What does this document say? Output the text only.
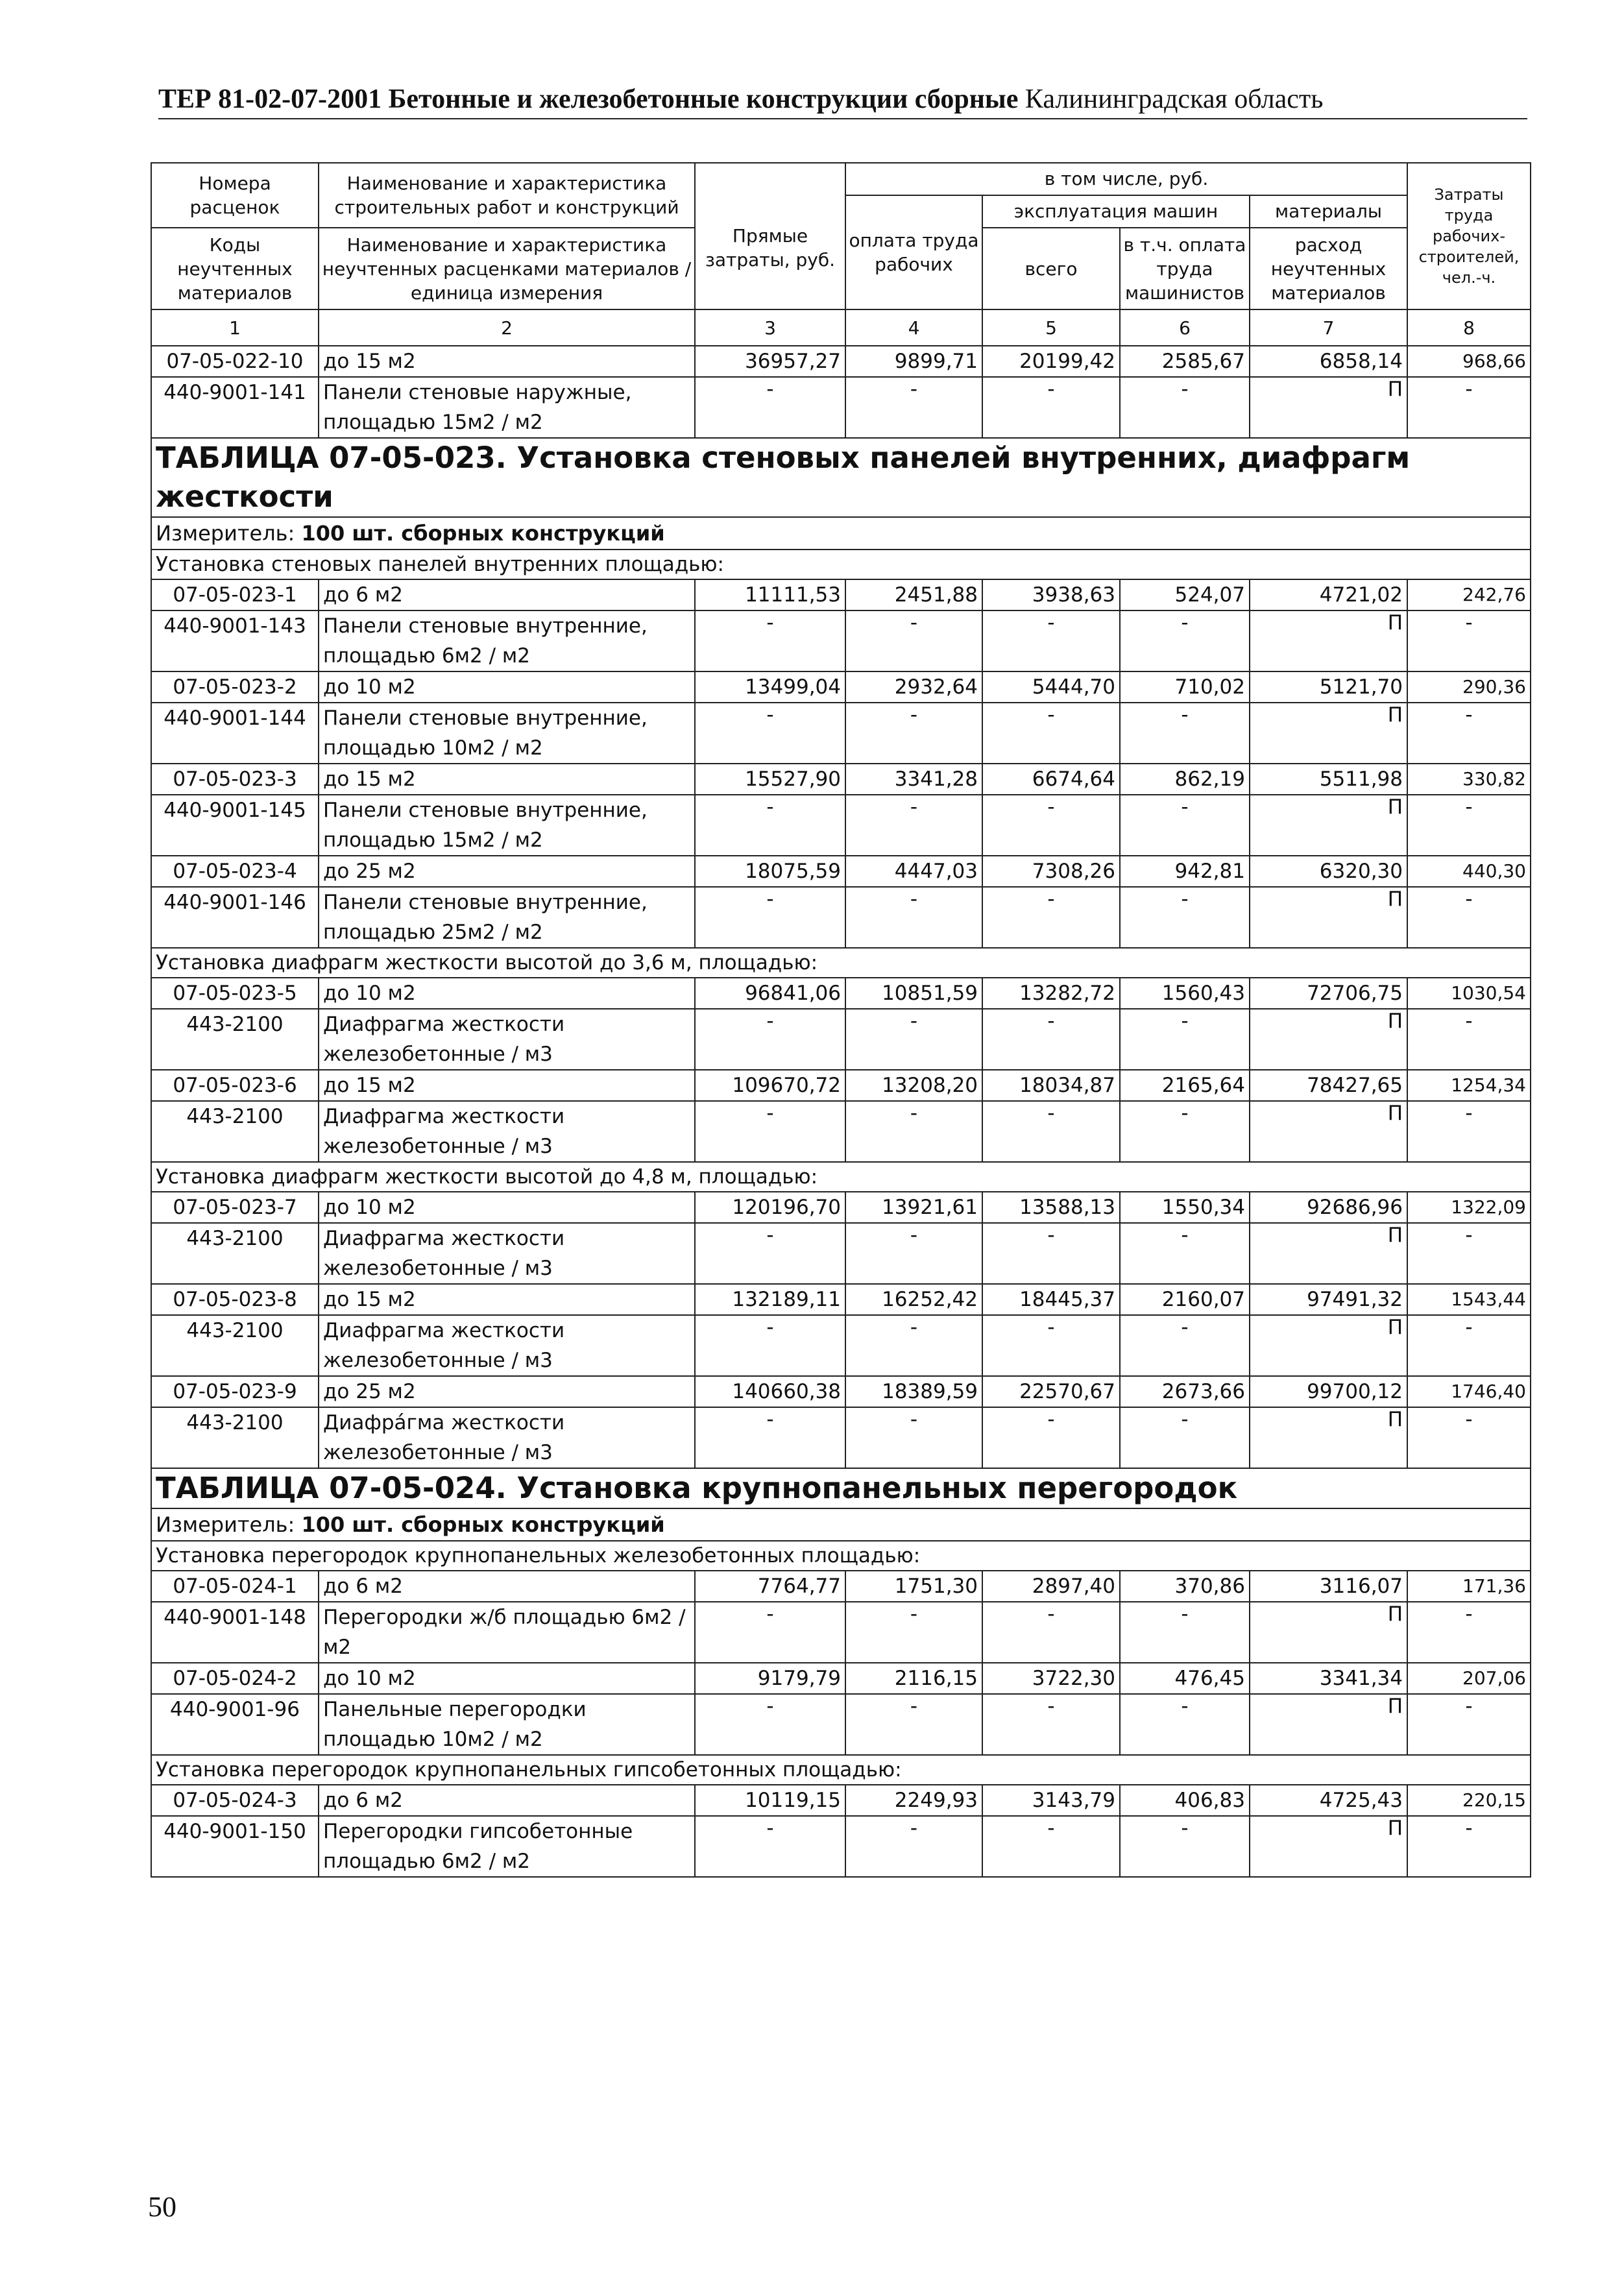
ТЕР 81-02-07-2001 Бетонные и железобетонные конструкции сборные Калининградская область
Номера расценок	Наименование и характеристика строительных работ и конструкций	Прямые затраты, руб.	в том числе, руб.				Затраты труда рабочих-строителей, чел.-ч.
			оплата труда рабочих	эксплуатация машин		материалы	

Коды неучтенных материалов	Наименование и характеристика неучтенных расценками материалов / единица измерения			всего	в т.ч. оплата труда машинистов	расход неучтенных материалов	

1	2	3	4	5	6	7	8
07-05-022-10	до 15 м2	36957,27	9899,71	20199,42	2585,67	6858,14	968,66
440-9001-141	Панели стеновые наружные, площадью 15м2 / м2	-	-	-	-	П	-
ТАБЛИЦА 07-05-023. Установка стеновых панелей внутренних, диафрагм жесткости							
Измеритель: 100 шт. сборных конструкций							
Установка стеновых панелей внутренних площадью:							
07-05-023-1	до 6 м2	11111,53	2451,88	3938,63	524,07	4721,02	242,76
440-9001-143	Панели стеновые внутренние, площадью 6м2 / м2	-	-	-	-	П	-
07-05-023-2	до 10 м2	13499,04	2932,64	5444,70	710,02	5121,70	290,36
440-9001-144	Панели стеновые внутренние, площадью 10м2 / м2	-	-	-	-	П	-
07-05-023-3	до 15 м2	15527,90	3341,28	6674,64	862,19	5511,98	330,82
440-9001-145	Панели стеновые внутренние, площадью 15м2 / м2	-	-	-	-	П	-
07-05-023-4	до 25 м2	18075,59	4447,03	7308,26	942,81	6320,30	440,30
440-9001-146	Панели стеновые внутренние, площадью 25м2 / м2	-	-	-	-	П	-
Установка диафрагм жесткости высотой до 3,6 м, площадью:							
07-05-023-5	до 10 м2	96841,06	10851,59	13282,72	1560,43	72706,75	1030,54
443-2100	Диафрагма жесткости железобетонные / м3	-	-	-	-	П	-
07-05-023-6	до 15 м2	109670,72	13208,20	18034,87	2165,64	78427,65	1254,34
443-2100	Диафрагма жесткости железобетонные / м3	-	-	-	-	П	-
Установка диафрагм жесткости высотой до 4,8 м, площадью:							
07-05-023-7	до 10 м2	120196,70	13921,61	13588,13	1550,34	92686,96	1322,09
443-2100	Диафрагма жесткости железобетонные / м3	-	-	-	-	П	-
07-05-023-8	до 15 м2	132189,11	16252,42	18445,37	2160,07	97491,32	1543,44
443-2100	Диафрагма жесткости железобетонные / м3	-	-	-	-	П	-
07-05-023-9	до 25 м2	140660,38	18389,59	22570,67	2673,66	99700,12	1746,40
443-2100	Диафрáгма жесткости железобетонные / м3	-	-	-	-	П	-
ТАБЛИЦА 07-05-024. Установка крупнопанельных перегородок							
Измеритель: 100 шт. сборных конструкций							
Установка перегородок крупнопанельных железобетонных площадью:							
07-05-024-1	до 6 м2	7764,77	1751,30	2897,40	370,86	3116,07	171,36
440-9001-148	Перегородки ж/б площадью 6м2 / м2	-	-	-	-	П	-
07-05-024-2	до 10 м2	9179,79	2116,15	3722,30	476,45	3341,34	207,06
440-9001-96	Панельные перегородки площадью 10м2 / м2	-	-	-	-	П	-
Установка перегородок крупнопанельных гипсобетонных площадью:							
07-05-024-3	до 6 м2	10119,15	2249,93	3143,79	406,83	4725,43	220,15
440-9001-150	Перегородки гипсобетонные площадью 6м2 / м2	-	-	-	-	П	-
50
